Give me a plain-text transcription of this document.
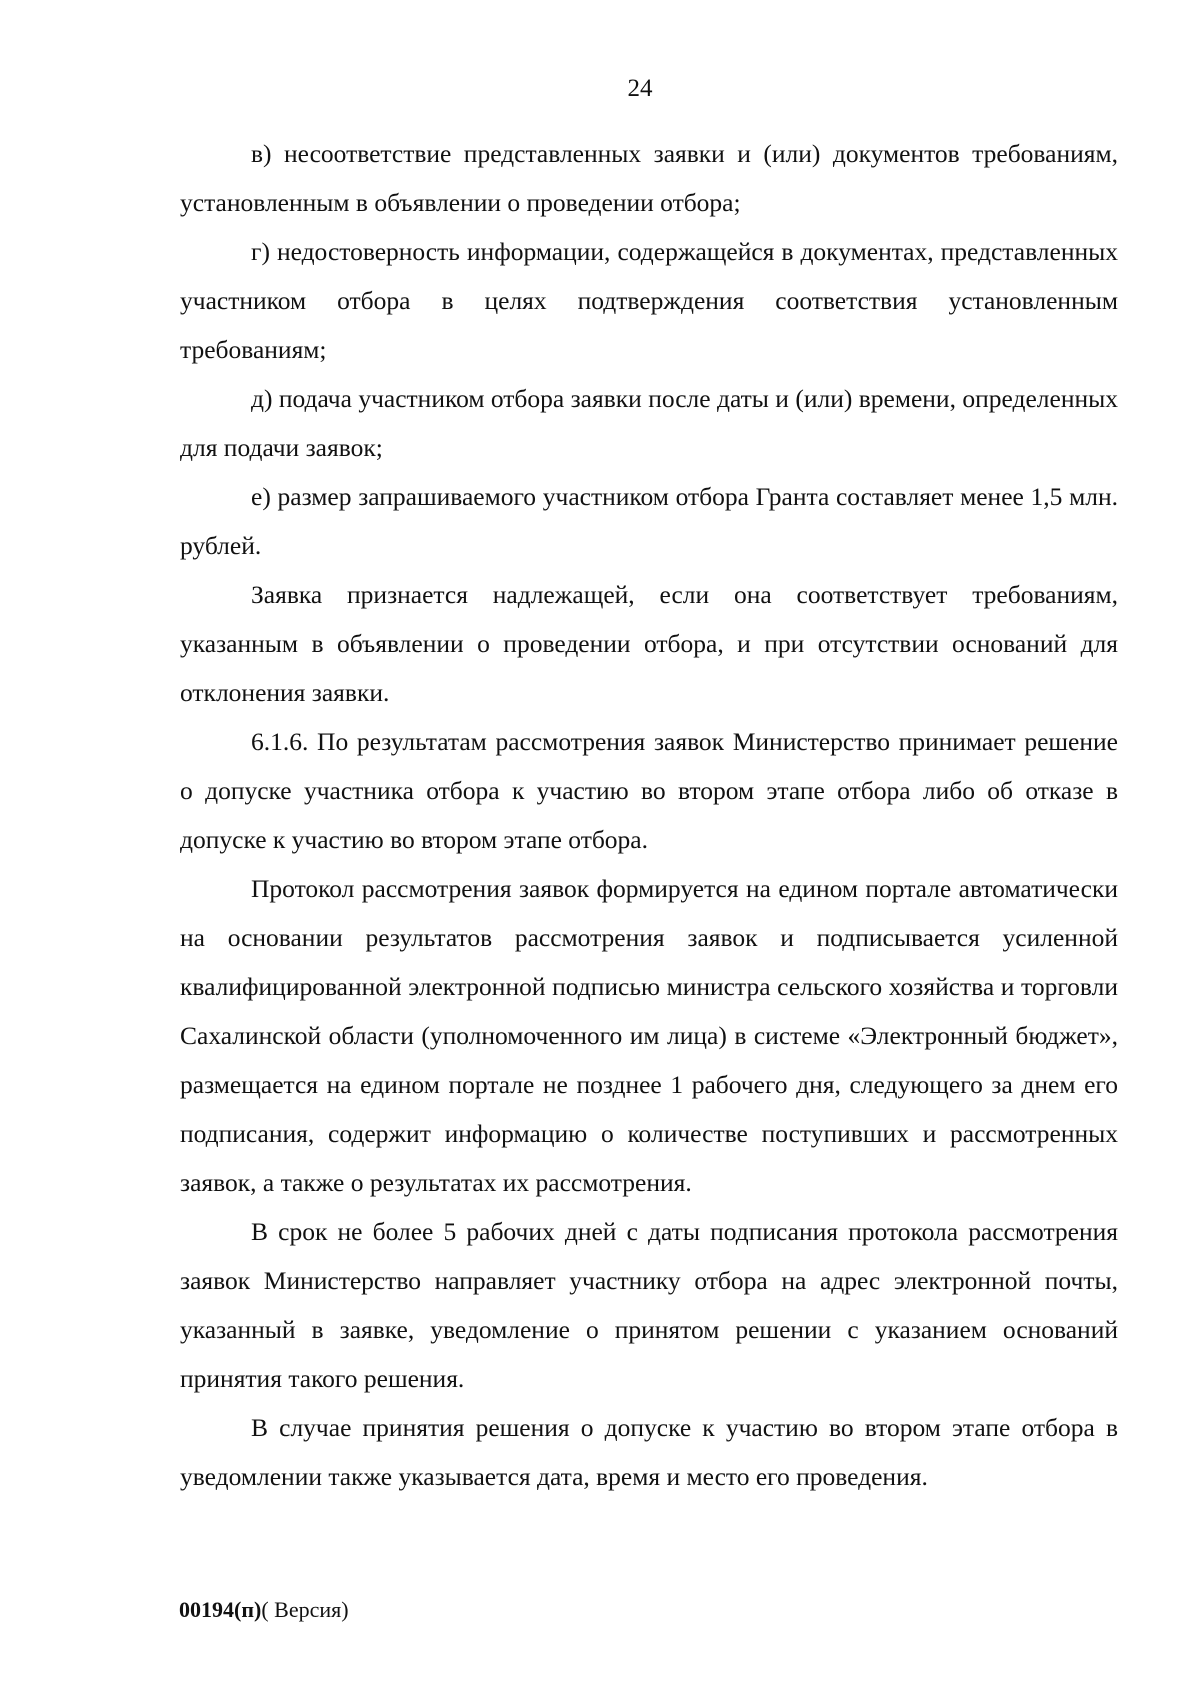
24

в) несоответствие представленных заявки и (или) документов требованиям, установленным в объявлении о проведении отбора;

г) недостоверность информации, содержащейся в документах, представленных участником отбора в целях подтверждения соответствия установленным требованиям;

д) подача участником отбора заявки после даты и (или) времени, определенных для подачи заявок;

е) размер запрашиваемого участником отбора Гранта составляет менее 1,5 млн. рублей.

Заявка признается надлежащей, если она соответствует требованиям, указанным в объявлении о проведении отбора, и при отсутствии оснований для отклонения заявки.

6.1.6. По результатам рассмотрения заявок Министерство принимает решение о допуске участника отбора к участию во втором этапе отбора либо об отказе в допуске к участию во втором этапе отбора.

Протокол рассмотрения заявок формируется на едином портале автоматически на основании результатов рассмотрения заявок и подписывается усиленной квалифицированной электронной подписью министра сельского хозяйства и торговли Сахалинской области (уполномоченного им лица) в системе «Электронный бюджет», размещается на едином портале не позднее 1 рабочего дня, следующего за днем его подписания, содержит информацию о количестве поступивших и рассмотренных заявок, а также о результатах их рассмотрения.

В срок не более 5 рабочих дней с даты подписания протокола рассмотрения заявок Министерство направляет участнику отбора на адрес электронной почты, указанный в заявке, уведомление о принятом решении с указанием оснований принятия такого решения.

В случае принятия решения о допуске к участию во втором этапе отбора в уведомлении также указывается дата, время и место его проведения.

00194(п)( Версия)
